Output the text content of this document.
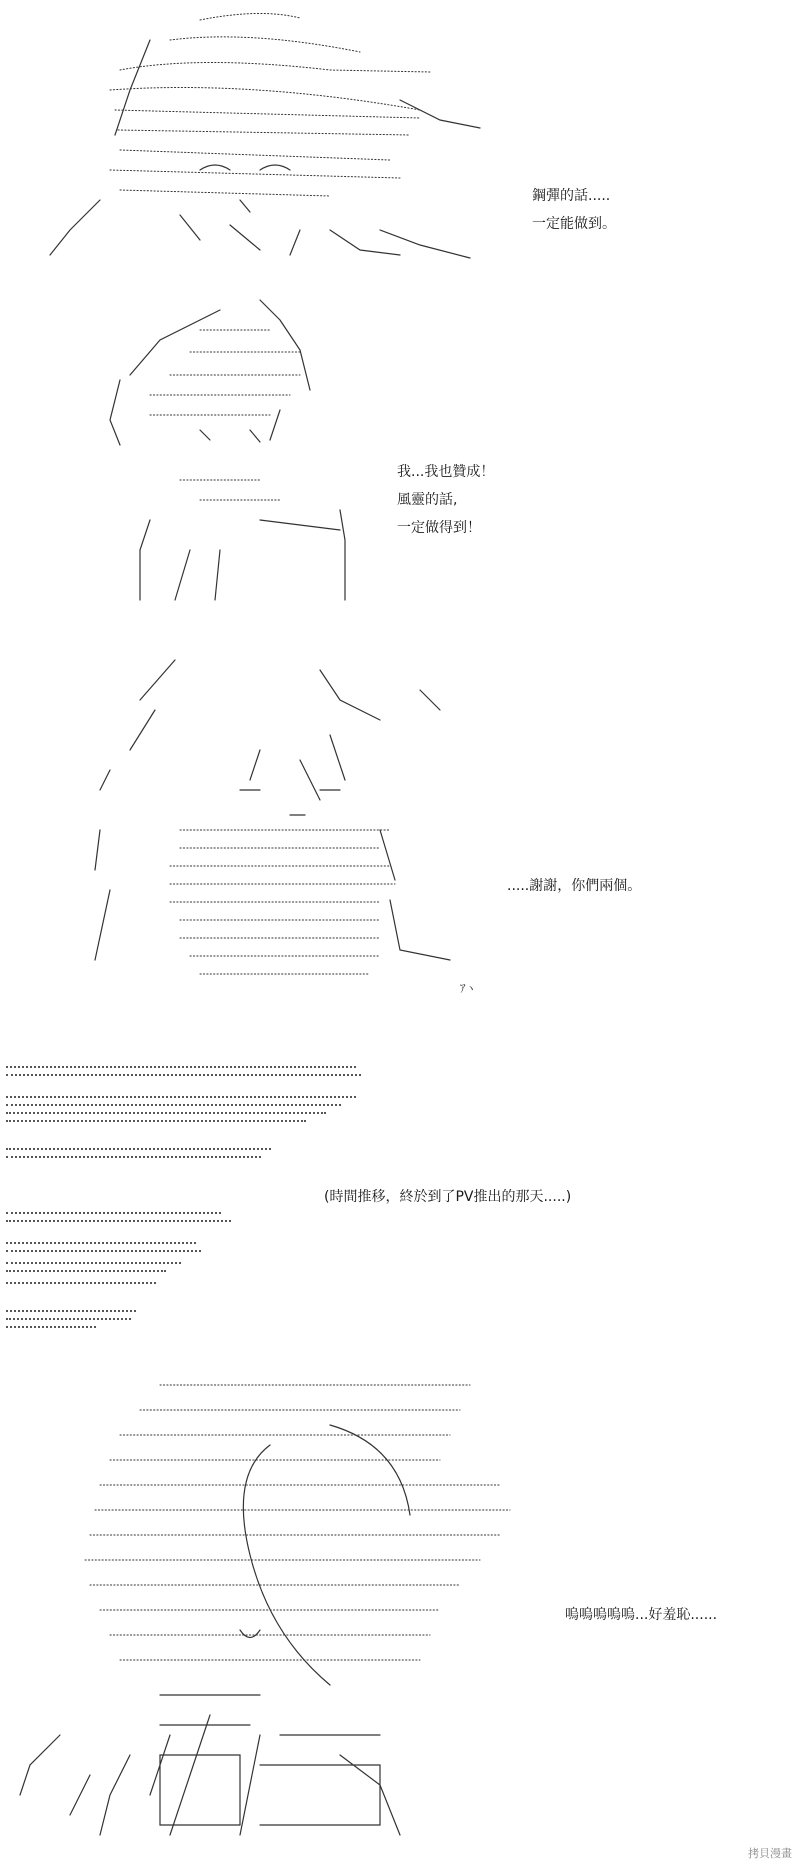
鋼彈的話.....
一定能做到。
我...我也贊成！
風靈的話,
一定做得到！
ｱヽ
.....謝謝，你們兩個。
(時間推移，終於到了PV推出的那天.....)
嗚嗚嗚嗚嗚...好羞恥......
拷貝漫畫
